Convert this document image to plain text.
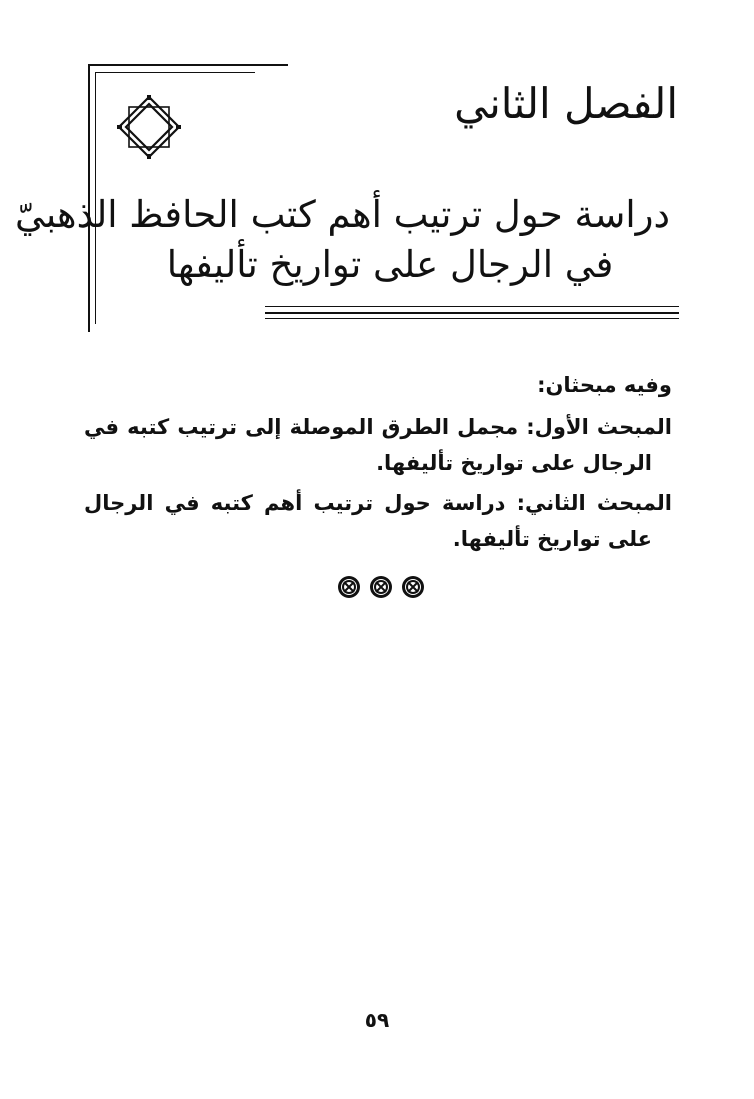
الفصل الثاني
دراسة حول ترتيب أهم كتب الحافظ الذهبيّ
في الرجال على تواريخ تأليفها
وفيه مبحثان:
المبحث الأول: مجمل الطرق الموصلة إلى ترتيب كتبه في
الرجال على تواريخ تأليفها.
المبحث الثاني: دراسة حول ترتيب أهم كتبه في الرجال
على تواريخ تأليفها.
٥٩
